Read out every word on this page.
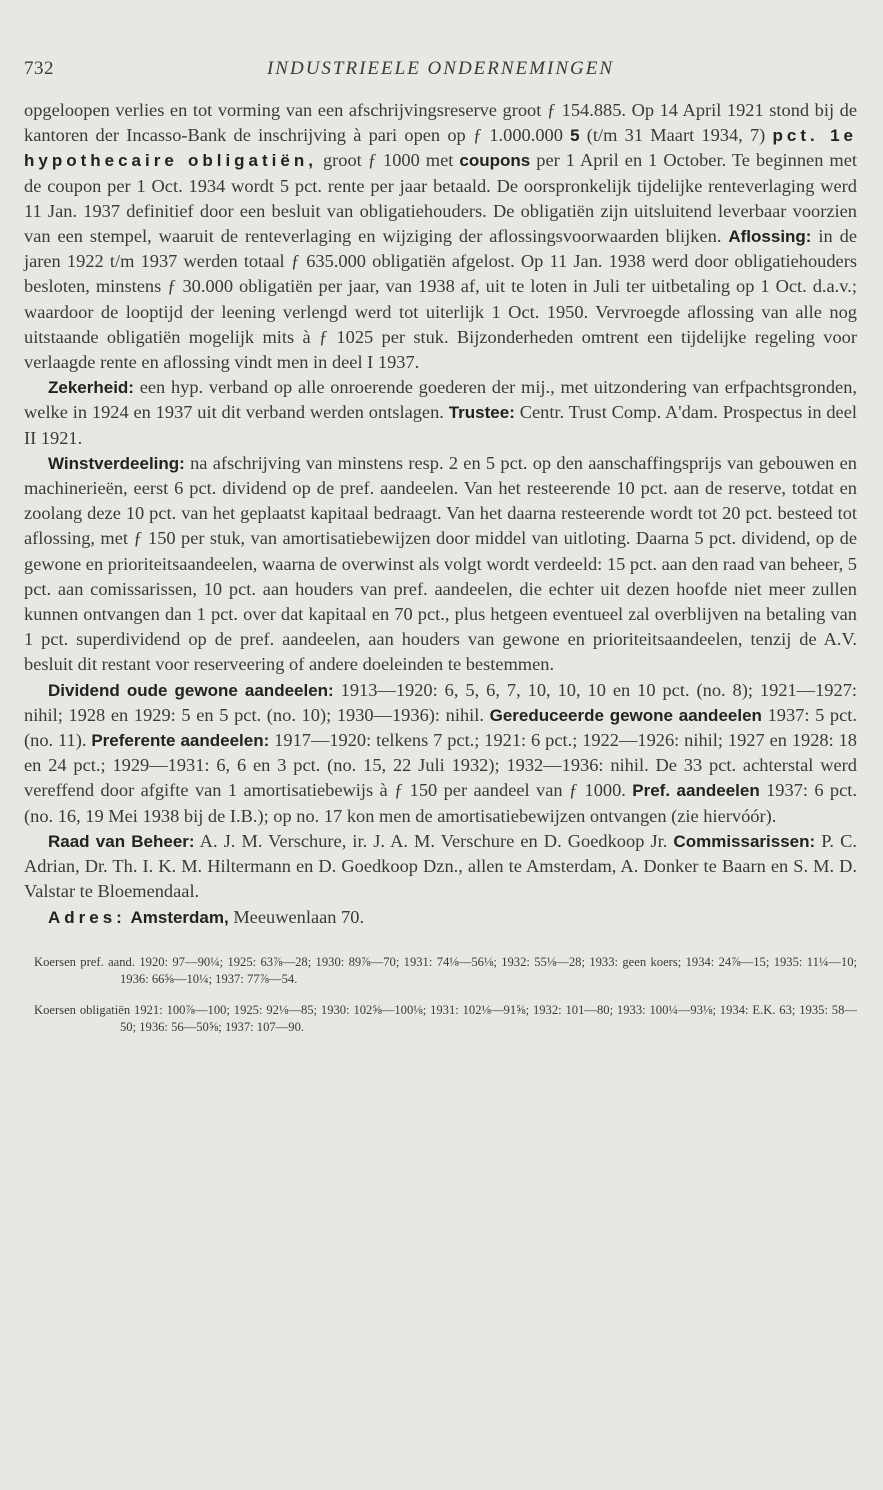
732	INDUSTRIEELE ONDERNEMINGEN

opgeloopen verlies en tot vorming van een afschrijvingsreserve groot ƒ 154.885. Op 14 April 1921 stond bij de kantoren der Incasso-Bank de inschrijving à pari open op ƒ 1.000.000 5 (t/m 31 Maart 1934, 7) pct. 1e hypothecaire obligatiën, groot ƒ 1000 met coupons per 1 April en 1 October. Te beginnen met de coupon per 1 Oct. 1934 wordt 5 pct. rente per jaar betaald. De oorspronkelijk tijdelijke renteverlaging werd 11 Jan. 1937 definitief door een besluit van obligatiehouders. De obligatiën zijn uitsluitend leverbaar voorzien van een stempel, waaruit de renteverlaging en wijziging der aflossingsvoorwaarden blijken. Aflossing: in de jaren 1922 t/m 1937 werden totaal ƒ 635.000 obligatiën afgelost. Op 11 Jan. 1938 werd door obligatiehouders besloten, minstens ƒ 30.000 obligatiën per jaar, van 1938 af, uit te loten in Juli ter uitbetaling op 1 Oct. d.a.v.; waardoor de looptijd der leening verlengd werd tot uiterlijk 1 Oct. 1950. Vervroegde aflossing van alle nog uitstaande obligatiën mogelijk mits à ƒ 1025 per stuk. Bijzonderheden omtrent een tijdelijke regeling voor verlaagde rente en aflossing vindt men in deel I 1937.

Zekerheid: een hyp. verband op alle onroerende goederen der mij., met uitzondering van erfpachtsgronden, welke in 1924 en 1937 uit dit verband werden ontslagen. Trustee: Centr. Trust Comp. A'dam. Prospectus in deel II 1921.

Winstverdeeling: na afschrijving van minstens resp. 2 en 5 pct. op den aanschaffingsprijs van gebouwen en machinerieën, eerst 6 pct. dividend op de pref. aandeelen. Van het resteerende 10 pct. aan de reserve, totdat en zoolang deze 10 pct. van het geplaatst kapitaal bedraagt. Van het daarna resteerende wordt tot 20 pct. besteed tot aflossing, met ƒ 150 per stuk, van amortisatiebewijzen door middel van uitloting. Daarna 5 pct. dividend, op de gewone en prioriteitsaandeelen, waarna de overwinst als volgt wordt verdeeld: 15 pct. aan den raad van beheer, 5 pct. aan comissarissen, 10 pct. aan houders van pref. aandeelen, die echter uit dezen hoofde niet meer zullen kunnen ontvangen dan 1 pct. over dat kapitaal en 70 pct., plus hetgeen eventueel zal overblijven na betaling van 1 pct. superdividend op de pref. aandeelen, aan houders van gewone en prioriteitsaandeelen, tenzij de A.V. besluit dit restant voor reserveering of andere doeleinden te bestemmen.

Dividend oude gewone aandeelen: 1913—1920: 6, 5, 6, 7, 10, 10, 10 en 10 pct. (no. 8); 1921—1927: nihil; 1928 en 1929: 5 en 5 pct. (no. 10); 1930—1936): nihil. Gereduceerde gewone aandeelen 1937: 5 pct. (no. 11). Preferente aandeelen: 1917—1920: telkens 7 pct.; 1921: 6 pct.; 1922—1926: nihil; 1927 en 1928: 18 en 24 pct.; 1929—1931: 6, 6 en 3 pct. (no. 15, 22 Juli 1932); 1932—1936: nihil. De 33 pct. achterstal werd vereffend door afgifte van 1 amortisatiebewijs à ƒ 150 per aandeel van ƒ 1000. Pref. aandeelen 1937: 6 pct. (no. 16, 19 Mei 1938 bij de I.B.); op no. 17 kon men de amortisatiebewijzen ontvangen (zie hiervóór).

Raad van Beheer: A. J. M. Verschure, ir. J. A. M. Verschure en D. Goedkoop Jr. Commissarissen: P. C. Adrian, Dr. Th. I. K. M. Hiltermann en D. Goedkoop Dzn., allen te Amsterdam, A. Donker te Baarn en S. M. D. Valstar te Bloemendaal.

Adres: Amsterdam, Meeuwenlaan 70.

Koersen pref. aand. 1920: 97—90¼; 1925: 63⅞—28; 1930: 89⅞—70; 1931: 74⅛—56⅛; 1932: 55⅛—28; 1933: geen koers; 1934: 24⅞—15; 1935: 11¼—10; 1936: 66⅝—10¼; 1937: 77⅞—54.

Koersen obligatiën 1921: 100⅞—100; 1925: 92⅛—85; 1930: 102⅝—100⅛; 1931: 102⅛—91⅝; 1932: 101—80; 1933: 100¼—93⅛; 1934: E.K. 63; 1935: 58—50; 1936: 56—50⅝; 1937: 107—90.
